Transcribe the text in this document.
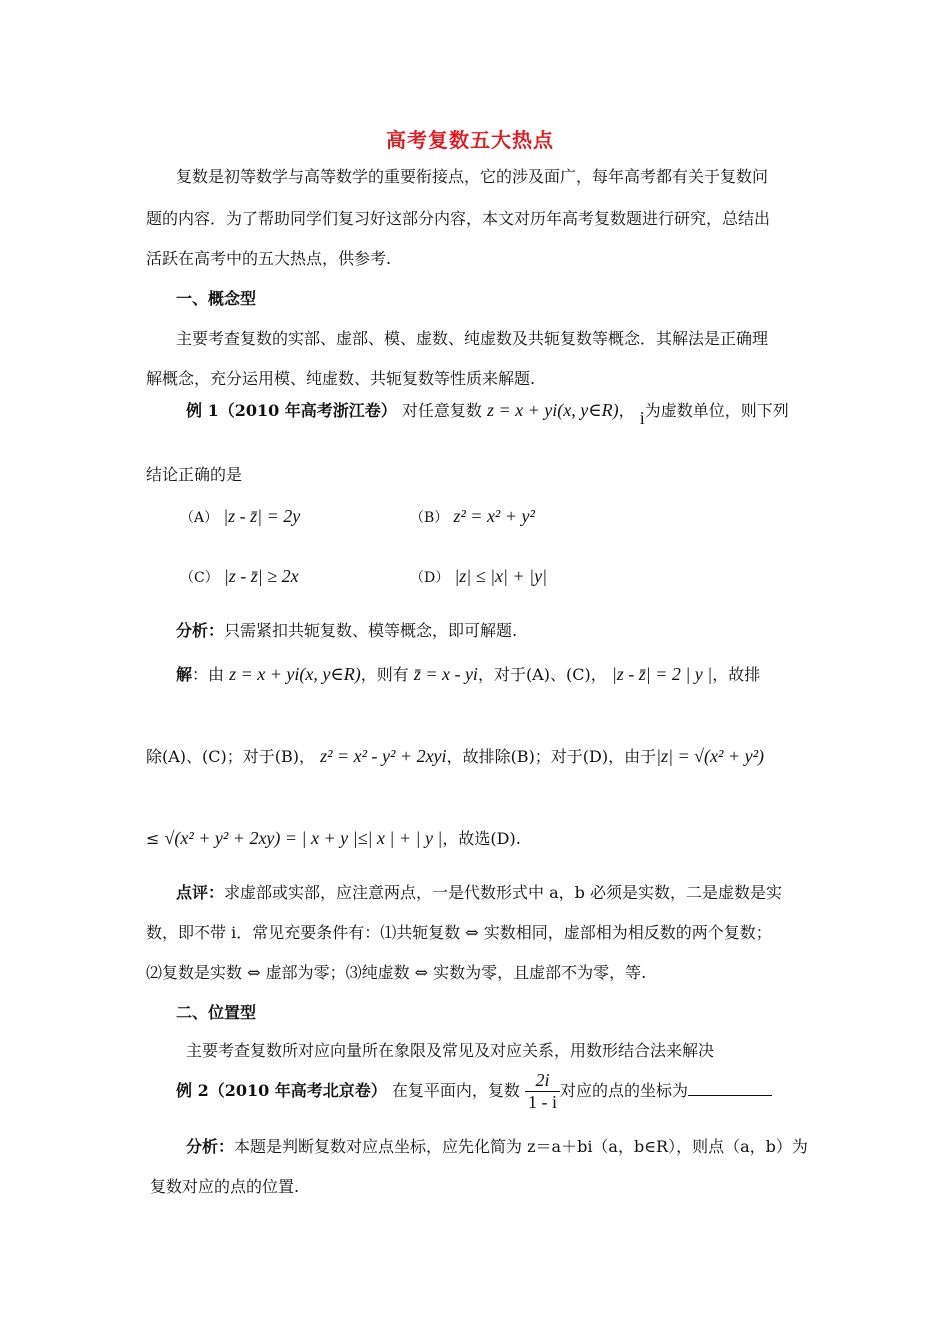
高考复数五大热点
复数是初等数学与高等数学的重要衔接点，它的涉及面广，每年高考都有关于复数问
题的内容．为了帮助同学们复习好这部分内容，本文对历年高考复数题进行研究，总结出
活跃在高考中的五大热点，供参考.
一、概念型
主要考查复数的实部、虚部、模、虚数、纯虚数及共轭复数等概念．其解法是正确理
解概念，充分运用模、纯虚数、共轭复数等性质来解题.
例 1（2010 年高考浙江卷） 对任意复数 z = x + yi(x, y∈R)， i为虚数单位，则下列
结论正确的是
（A） |z - z̄| = 2y	（B） z² = x² + y²
（C） |z - z̄| ≥ 2x	（D） |z| ≤ |x| + |y|
分析：只需紧扣共轭复数、模等概念，即可解题.
解：由 z = x + yi(x, y∈R)，则有 z̄ = x - yi，对于(A)、(C)， |z - z̄| = 2 | y |，故排
除(A)、(C)；对于(B)， z² = x² - y² + 2xyi，故排除(B)；对于(D)，由于|z| = √(x² + y²)
≤ √(x² + y² + 2xy) = | x + y |≤| x | + | y |，故选(D).
点评：求虚部或实部，应注意两点，一是代数形式中 a，b 必须是实数，二是虚数是实
数，即不带 i．常见充要条件有：⑴共轭复数 ⇔ 实数相同，虚部相为相反数的两个复数；
⑵复数是实数 ⇔ 虚部为零；⑶纯虚数 ⇔ 实数为零，且虚部不为零，等.
二、位置型
主要考查复数所对应向量所在象限及常见及对应关系，用数形结合法来解决
例 2（2010 年高考北京卷） 在复平面内，复数 $\frac{2i}{1 - i}$ 对应的点的坐标为
分析：本题是判断复数对应点坐标，应先化简为 z＝a＋bi（a，b∈R），则点（a，b）为
复数对应的点的位置.
